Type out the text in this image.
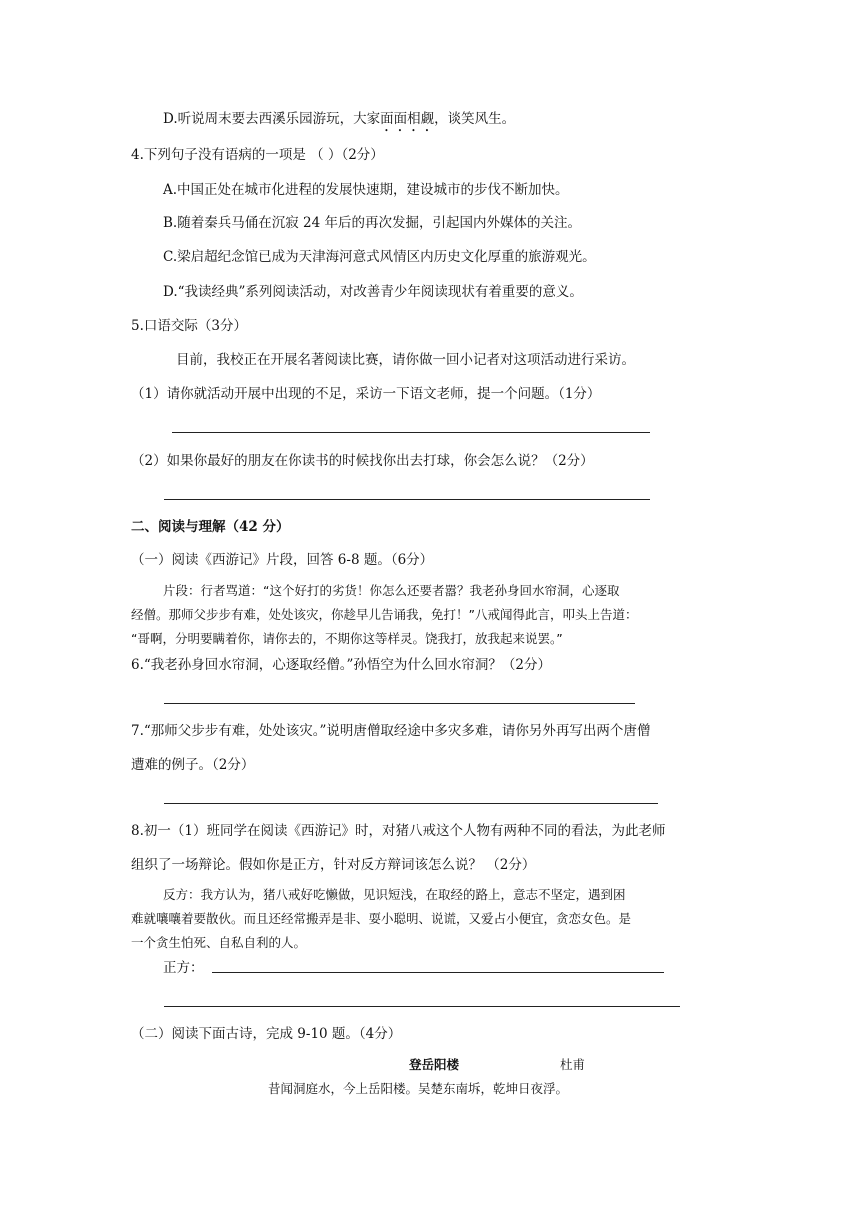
D.听说周末要去西溪乐园游玩，大家面面相觑，谈笑风生。
4.下列句子没有语病的一项是 （ ）（2分）
A.中国正处在城市化进程的发展快速期，建设城市的步伐不断加快。
B.随着秦兵马俑在沉寂 24 年后的再次发掘，引起国内外媒体的关注。
C.梁启超纪念馆已成为天津海河意式风情区内历史文化厚重的旅游观光。
D.“我读经典”系列阅读活动，对改善青少年阅读现状有着重要的意义。
5.口语交际（3分）
目前，我校正在开展名著阅读比赛，请你做一回小记者对这项活动进行采访。
（1）请你就活动开展中出现的不足，采访一下语文老师，提一个问题。（1分）
（2）如果你最好的朋友在你读书的时候找你出去打球，你会怎么说？（2分）
二、阅读与理解（42 分）
（一）阅读《西游记》片段，回答 6-8 题。（6分）
片段：行者骂道：“这个好打的劣货！你怎么还要者嚣？我老孙身回水帘洞，心逐取
经僧。那师父步步有难，处处该灾，你趁早儿告诵我，免打！”八戒闻得此言，叩头上告道：
“哥啊，分明要瞒着你，请你去的，不期你这等样灵。饶我打，放我起来说罢。”
6.“我老孙身回水帘洞，心逐取经僧。”孙悟空为什么回水帘洞？（2分）
7.“那师父步步有难，处处该灾。”说明唐僧取经途中多灾多难，请你另外再写出两个唐僧
遭难的例子。（2分）
8.初一（1）班同学在阅读《西游记》时，对猪八戒这个人物有两种不同的看法，为此老师
组织了一场辩论。假如你是正方，针对反方辩词该怎么说？ （2分）
反方：我方认为，猪八戒好吃懒做，见识短浅，在取经的路上，意志不坚定，遇到困
难就嚷嚷着要散伙。而且还经常搬弄是非、耍小聪明、说谎，又爱占小便宜，贪恋女色。是
一个贪生怕死、自私自利的人。
正方：
（二）阅读下面古诗，完成 9-10 题。（4分）
登岳阳楼	杜甫
昔闻洞庭水，今上岳阳楼。吴楚东南坼，乾坤日夜浮。
